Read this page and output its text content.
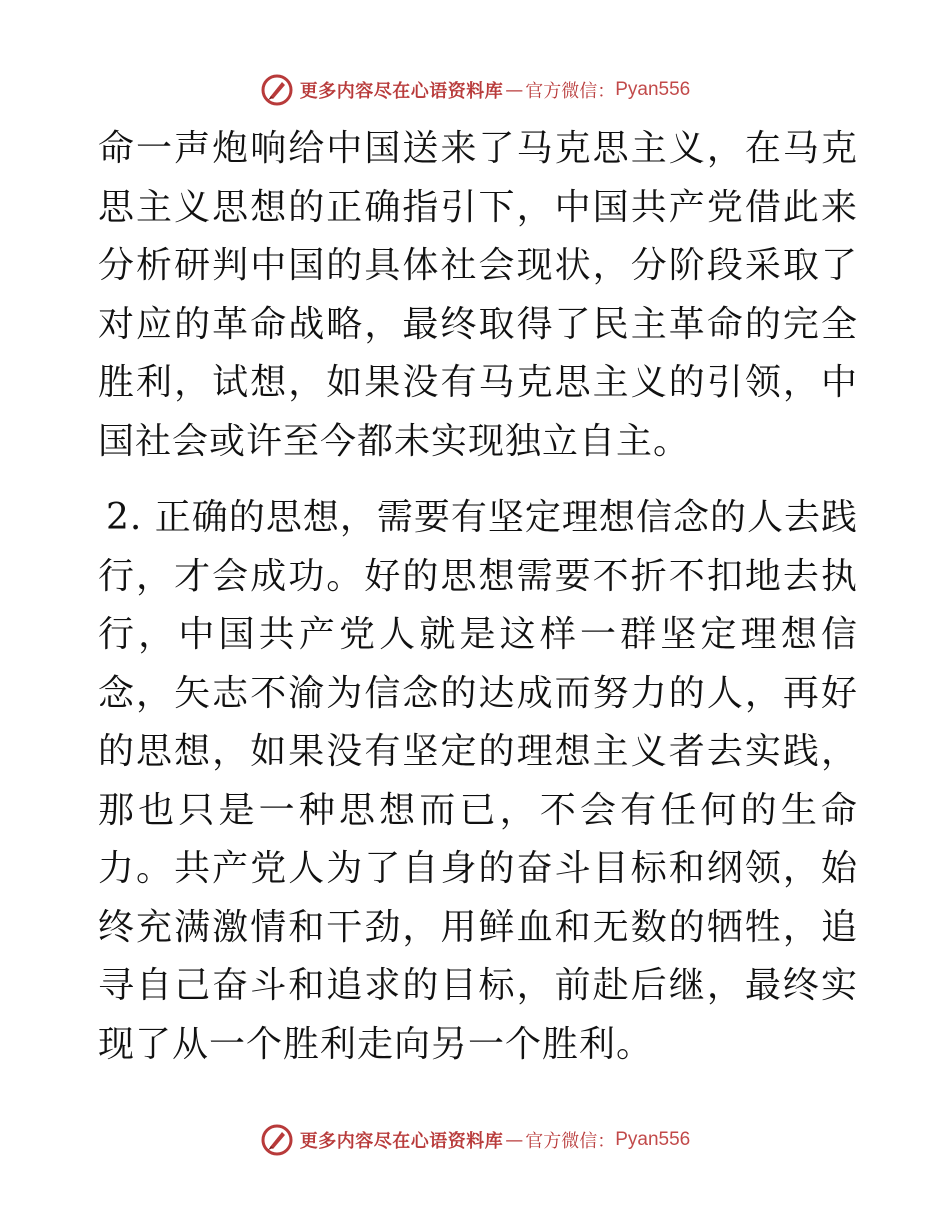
更多内容尽在心语资料库 — 官方微信： Pyan556

命一声炮响给中国送来了马克思主义，在马克思主义思想的正确指引下，中国共产党借此来分析研判中国的具体社会现状，分阶段采取了对应的革命战略，最终取得了民主革命的完全胜利，试想，如果没有马克思主义的引领，中国社会或许至今都未实现独立自主。

2. 正确的思想，需要有坚定理想信念的人去践行，才会成功。好的思想需要不折不扣地去执行，中国共产党人就是这样一群坚定理想信念，矢志不渝为信念的达成而努力的人，再好的思想，如果没有坚定的理想主义者去实践，那也只是一种思想而已，不会有任何的生命力。共产党人为了自身的奋斗目标和纲领，始终充满激情和干劲，用鲜血和无数的牺牲，追寻自己奋斗和追求的目标，前赴后继，最终实现了从一个胜利走向另一个胜利。

更多内容尽在心语资料库 — 官方微信： Pyan556
